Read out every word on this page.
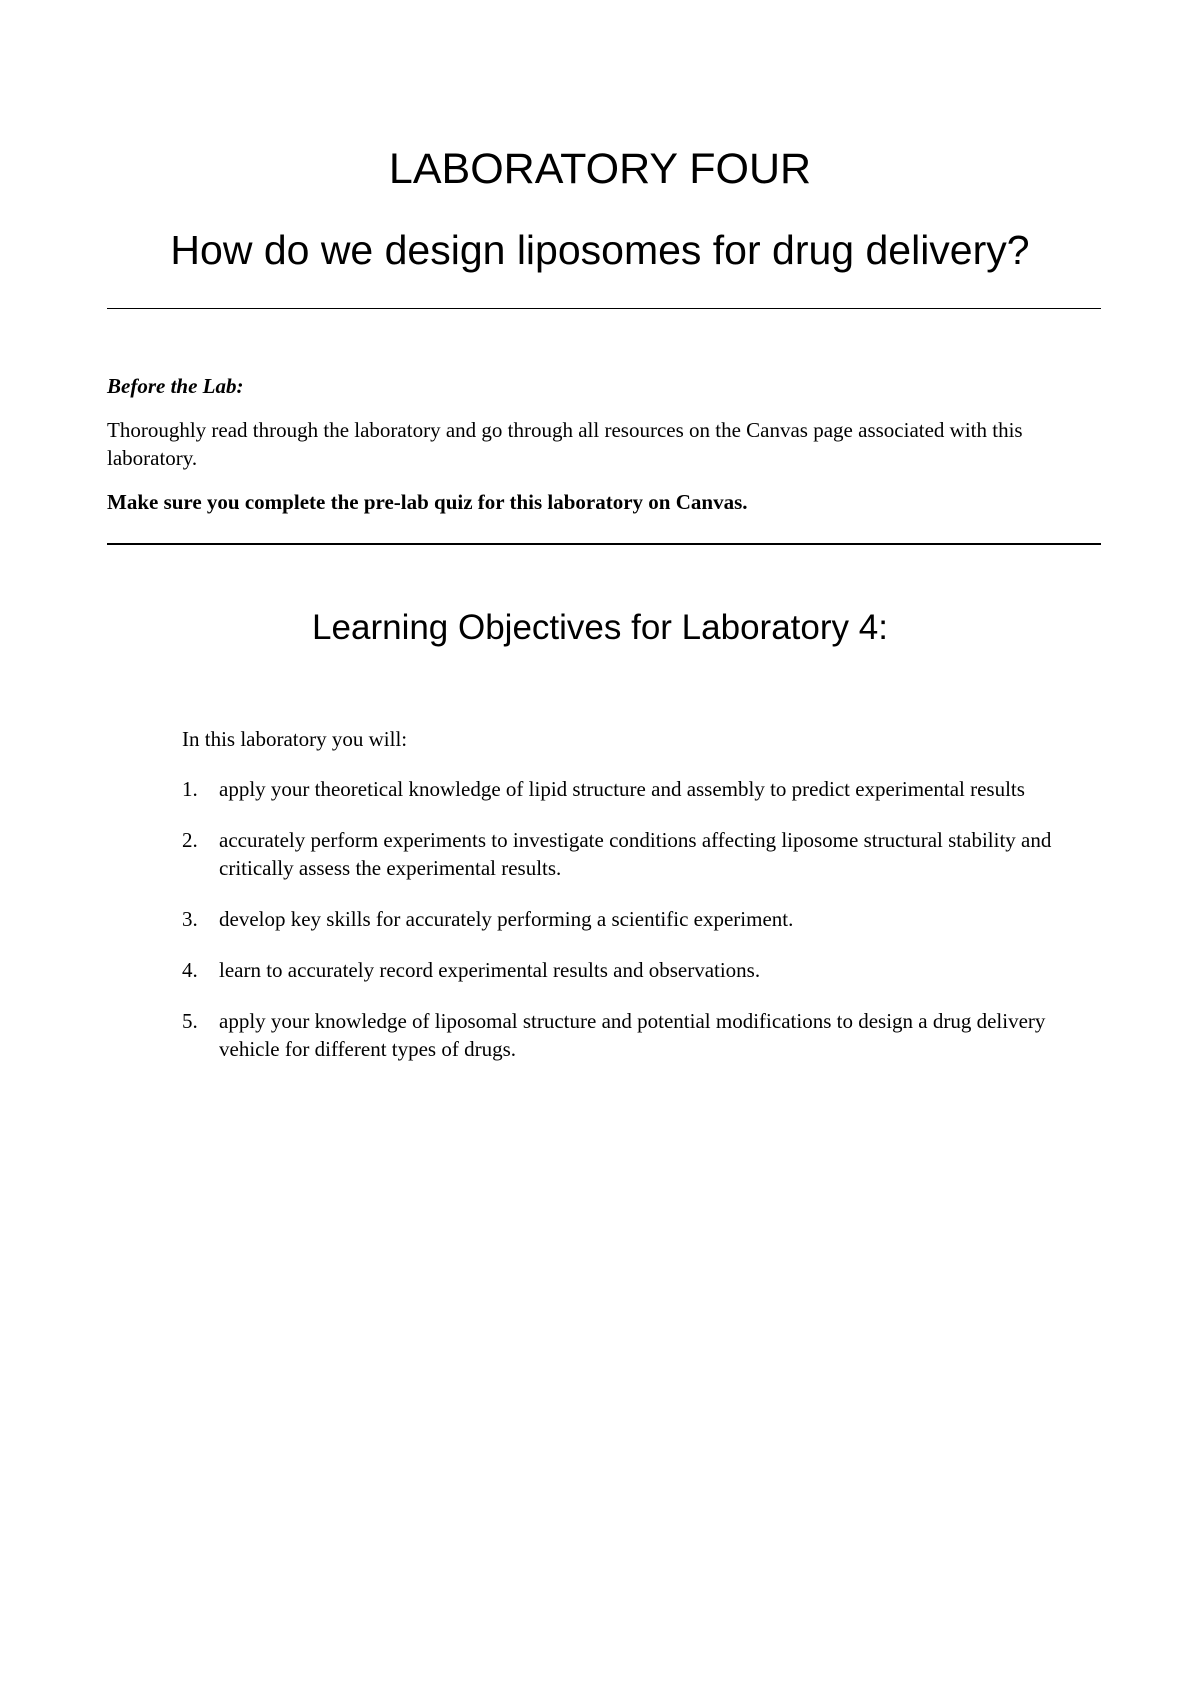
LABORATORY FOUR
How do we design liposomes for drug delivery?

Before the Lab:

Thoroughly read through the laboratory and go through all resources on the Canvas page associated with this laboratory.

Make sure you complete the pre-lab quiz for this laboratory on Canvas.

Learning Objectives for Laboratory 4:

In this laboratory you will:

1. apply your theoretical knowledge of lipid structure and assembly to predict experimental results
2. accurately perform experiments to investigate conditions affecting liposome structural stability and critically assess the experimental results.
3. develop key skills for accurately performing a scientific experiment.
4. learn to accurately record experimental results and observations.
5. apply your knowledge of liposomal structure and potential modifications to design a drug delivery vehicle for different types of drugs.
